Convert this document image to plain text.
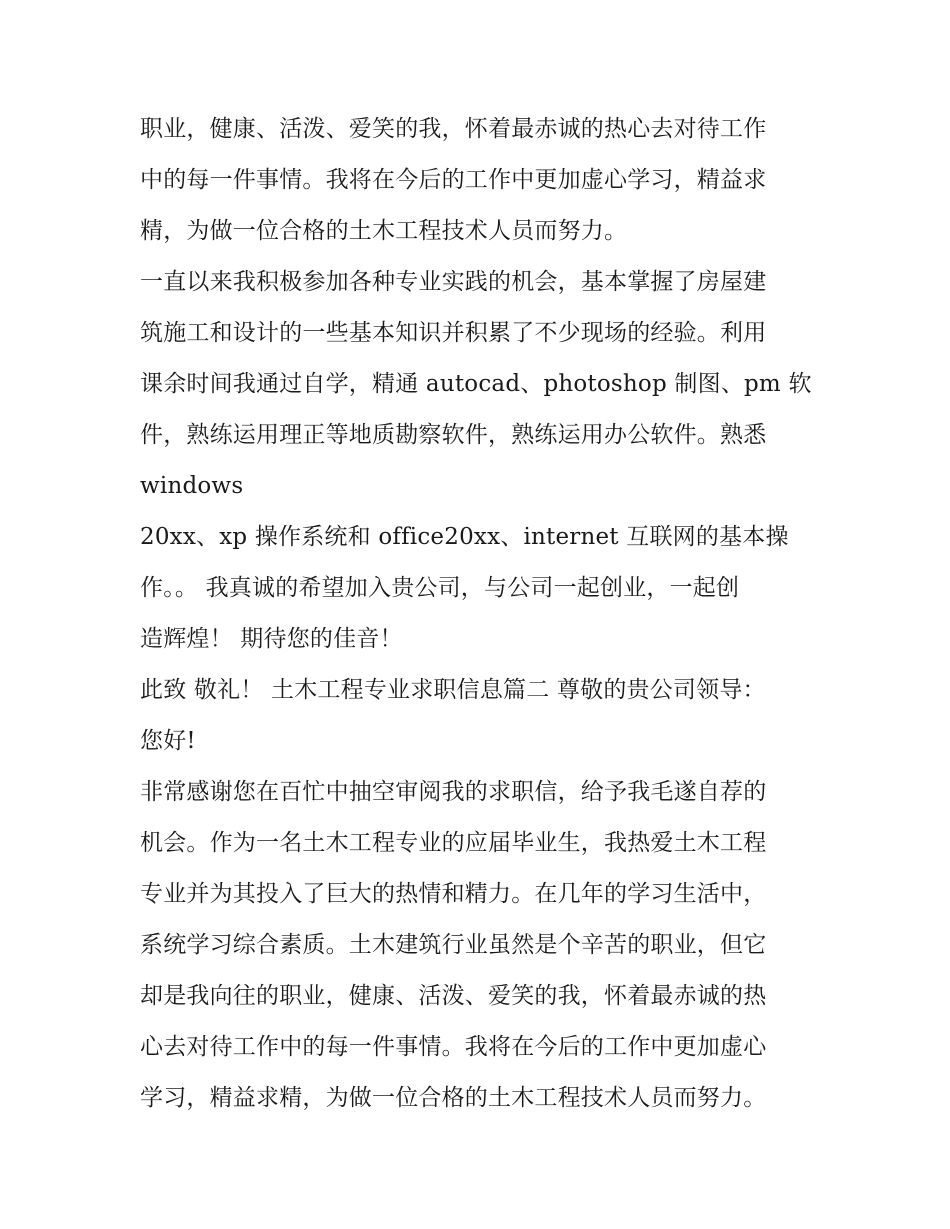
职业，健康、活泼、爱笑的我，怀着最赤诚的热心去对待工作
中的每一件事情。我将在今后的工作中更加虚心学习，精益求
精，为做一位合格的土木工程技术人员而努力。
一直以来我积极参加各种专业实践的机会，基本掌握了房屋建
筑施工和设计的一些基本知识并积累了不少现场的经验。利用
课余时间我通过自学，精通 autocad、photoshop 制图、pm 软
件，熟练运用理正等地质勘察软件，熟练运用办公软件。熟悉
windows
20xx、xp 操作系统和 office20xx、internet 互联网的基本操
作。。 我真诚的希望加入贵公司，与公司一起创业，一起创
造辉煌！ 期待您的佳音！
此致 敬礼！ 土木工程专业求职信息篇二 尊敬的贵公司领导：
您好!
非常感谢您在百忙中抽空审阅我的求职信，给予我毛遂自荐的
机会。作为一名土木工程专业的应届毕业生，我热爱土木工程
专业并为其投入了巨大的热情和精力。在几年的学习生活中，
系统学习综合素质。土木建筑行业虽然是个辛苦的职业，但它
却是我向往的职业，健康、活泼、爱笑的我，怀着最赤诚的热
心去对待工作中的每一件事情。我将在今后的工作中更加虚心
学习，精益求精，为做一位合格的土木工程技术人员而努力。
